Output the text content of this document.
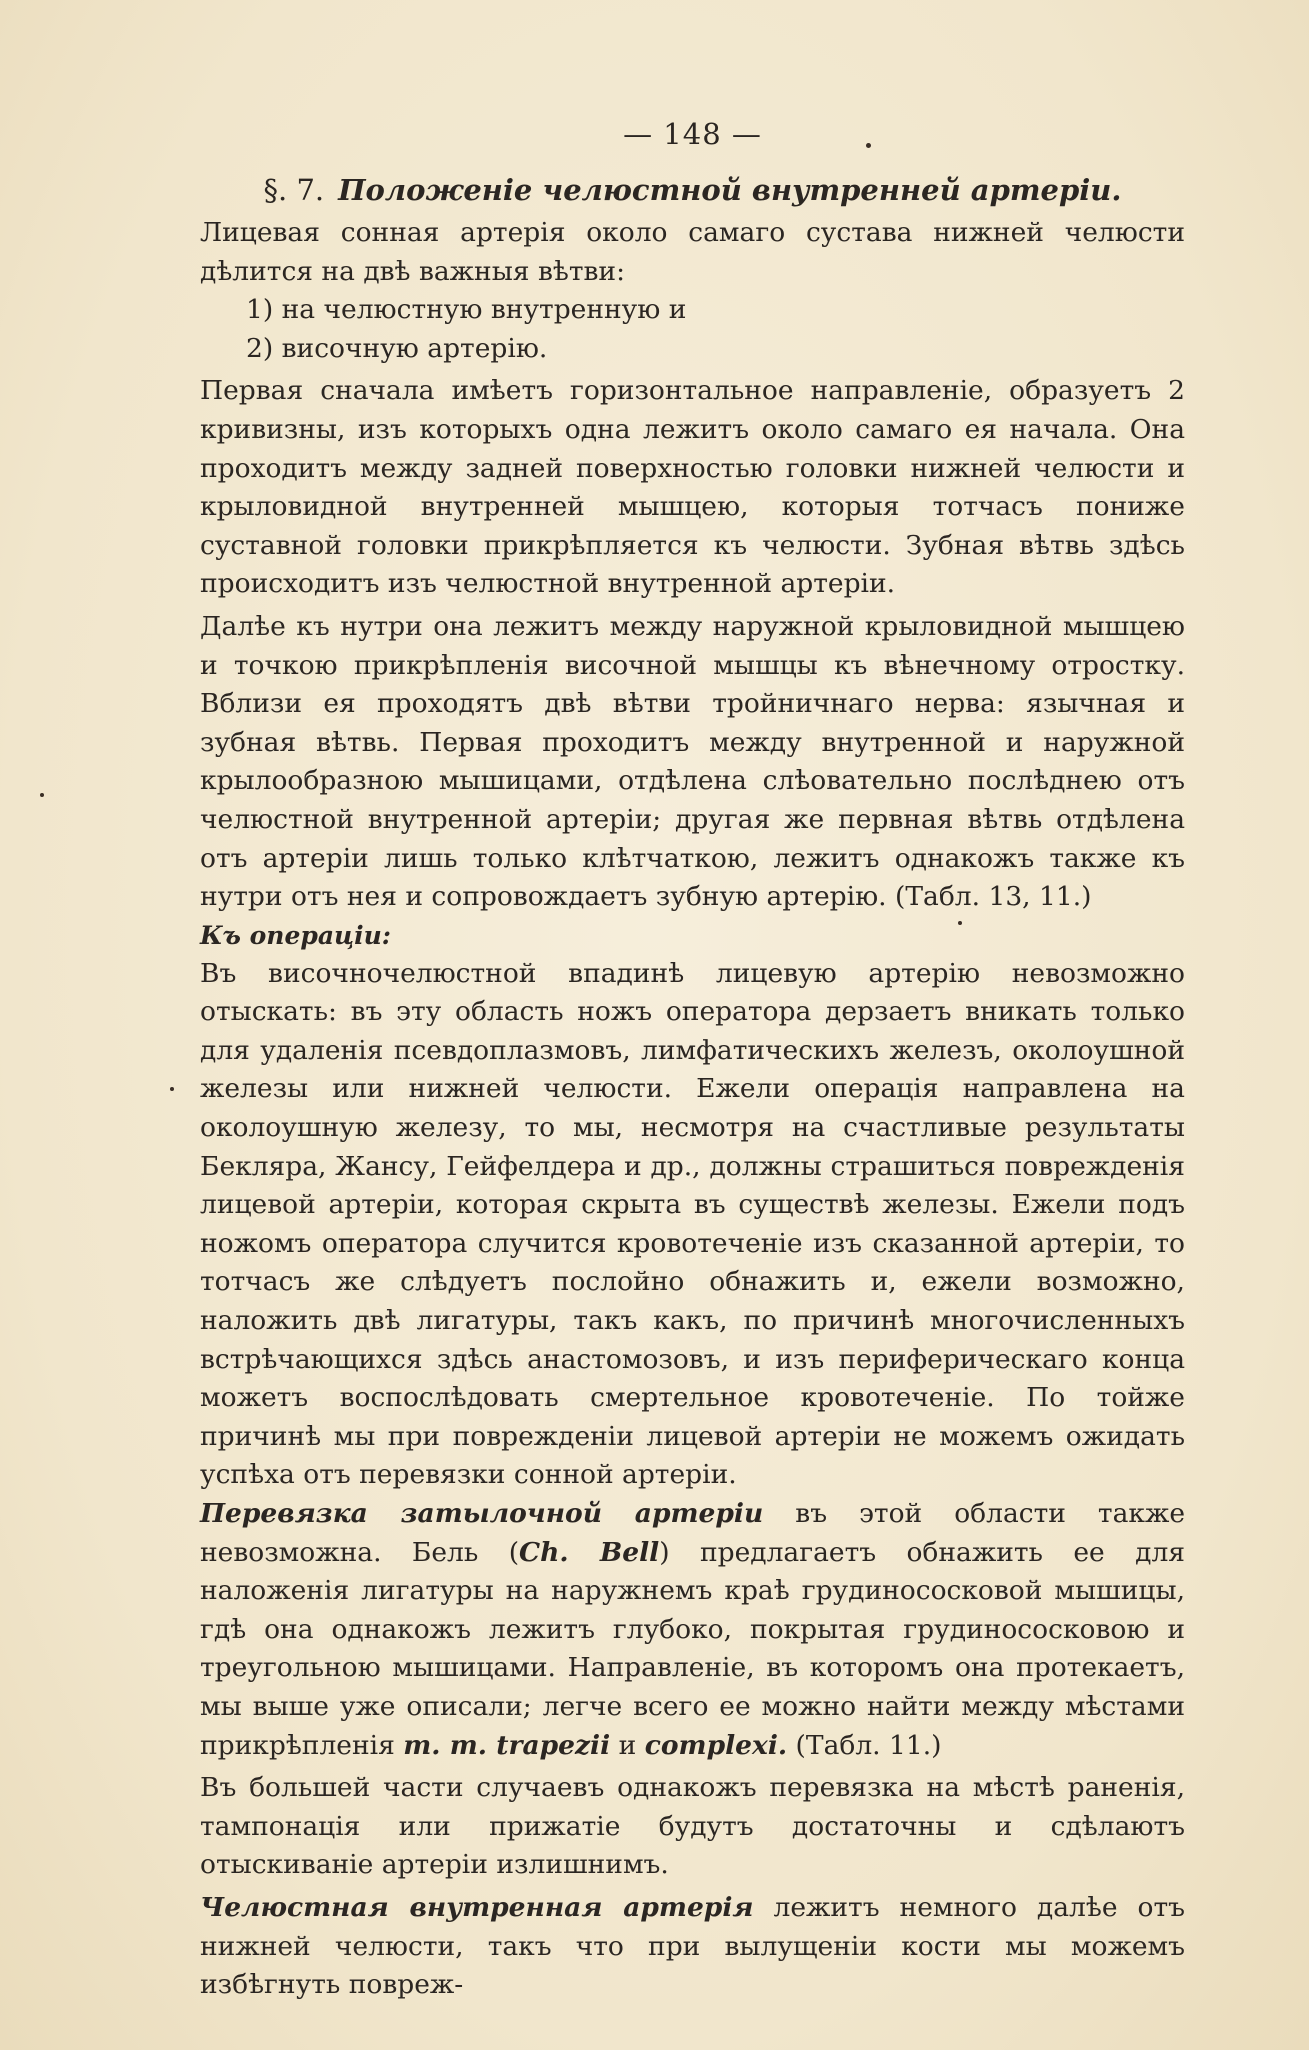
— 148 —
§. 7. Положеніе челюстной внутренней артеріи.

Лицевая сонная артерія около самаго сустава нижней челюсти дѣлится на двѣ важныя вѣтви:

1) на челюстную внутренную и
2) височную артерію.

Первая сначала имѣетъ горизонтальное направленіе, образуетъ 2 кривизны, изъ которыхъ одна лежитъ около самаго ея начала. Она проходитъ между задней поверхностью головки нижней челюсти и крыловидной внутренней мышцею, которыя тотчасъ пониже суставной головки прикрѣпляется къ челюсти. Зубная вѣтвь здѣсь происходитъ изъ челюстной внутренной артеріи.

Далѣе къ нутри она лежитъ между наружной крыловидной мышцею и точкою прикрѣпленія височной мышцы къ вѣнечному отростку. Вблизи ея проходятъ двѣ вѣтви тройничнаго нерва: язычная и зубная вѣтвь. Первая проходитъ между внутренной и наружной крылообразною мышицами, отдѣлена слѣовательно послѣднею отъ челюстной внутренной артеріи; другая же первная вѣтвь отдѣлена отъ артеріи лишь только клѣтчаткою, лежитъ однакожъ также къ нутри отъ нея и сопровождаетъ зубную артерію. (Табл. 13, 11.)

Къ операціи:

Въ височночелюстной впадинѣ лицевую артерію невозможно отыскать: въ эту область ножъ оператора дерзаетъ вникать только для удаленія псевдоплазмовъ, лимфатическихъ железъ, околоушной железы или нижней челюсти. Ежели операція направлена на околоушную железу, то мы, несмотря на счастливые результаты Бекляра, Жансу, Гейфелдера и др., должны страшиться поврежденія лицевой артеріи, которая скрыта въ существѣ железы. Ежели подъ ножомъ оператора случится кровотеченіе изъ сказанной артеріи, то тотчасъ же слѣдуетъ послойно обнажить и, ежели возможно, наложить двѣ лигатуры, такъ какъ, по причинѣ многочисленныхъ встрѣчающихся здѣсь анастомозовъ, и изъ периферическаго конца можетъ воспослѣдовать смертельное кровотеченіе. По тойже причинѣ мы при поврежденіи лицевой артеріи не можемъ ожидать успѣха отъ перевязки сонной артеріи.

Перевязка затылочной артеріи въ этой области также невозможна. Бель (Ch. Bell) предлагаетъ обнажить ее для наложенія лигатуры на наружнемъ краѣ грудинососковой мышицы, гдѣ она однакожъ лежитъ глубоко, покрытая грудинососковою и треугольною мышицами. Направленіе, въ которомъ она протекаетъ, мы выше уже описали; легче всего ее можно найти между мѣстами прикрѣпленія m. m. trapezii и complexi. (Табл. 11.)

Въ большей части случаевъ однакожъ перевязка на мѣстѣ раненія, тампонація или прижатіе будутъ достаточны и сдѣлаютъ отыскиваніе артеріи излишнимъ.

Челюстная внутренная артерія лежитъ немного далѣе отъ нижней челюсти, такъ что при вылущеніи кости мы можемъ избѣгнуть повреж-
